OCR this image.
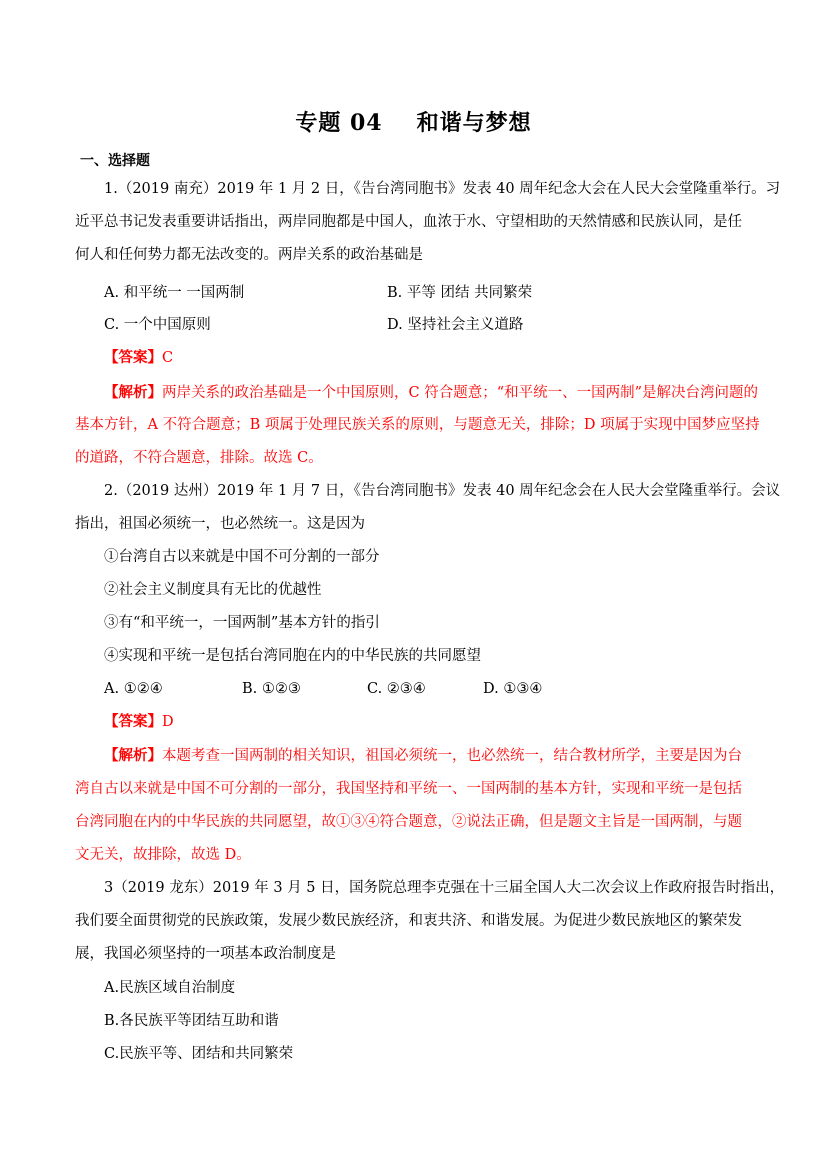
专题 04 和谐与梦想
一、选择题
1.（2019 南充）2019 年 1 月 2 日，《告台湾同胞书》发表 40 周年纪念大会在人民大会堂隆重举行。习
近平总书记发表重要讲话指出，两岸同胞都是中国人，血浓于水、守望相助的天然情感和民族认同，是任
何人和任何势力都无法改变的。两岸关系的政治基础是
A. 和平统一 一国两制	B. 平等 团结 共同繁荣
C. 一个中国原则	D. 坚持社会主义道路
【答案】C
【解析】两岸关系的政治基础是一个中国原则，C 符合题意；“和平统一、一国两制”是解决台湾问题的
基本方针，A 不符合题意；B 项属于处理民族关系的原则，与题意无关，排除；D 项属于实现中国梦应坚持
的道路，不符合题意，排除。故选 C。
2.（2019 达州）2019 年 1 月 7 日，《告台湾同胞书》发表 40 周年纪念会在人民大会堂隆重举行。会议
指出，祖国必须统一，也必然统一。这是因为
①台湾自古以来就是中国不可分割的一部分
②社会主义制度具有无比的优越性
③有“和平统一，一国两制”基本方针的指引
④实现和平统一是包括台湾同胞在内的中华民族的共同愿望
A. ①②④	B. ①②③	C. ②③④	D. ①③④
【答案】D
【解析】本题考查一国两制的相关知识，祖国必须统一，也必然统一，结合教材所学，主要是因为台
湾自古以来就是中国不可分割的一部分，我国坚持和平统一、一国两制的基本方针，实现和平统一是包括
台湾同胞在内的中华民族的共同愿望，故①③④符合题意，②说法正确，但是题文主旨是一国两制，与题
文无关，故排除，故选 D。
3（2019 龙东）2019 年 3 月 5 日，国务院总理李克强在十三届全国人大二次会议上作政府报告时指出，
我们要全面贯彻党的民族政策，发展少数民族经济，和衷共济、和谐发展。为促进少数民族地区的繁荣发
展，我国必须坚持的一项基本政治制度是
A.民族区域自治制度
B.各民族平等团结互助和谐
C.民族平等、团结和共同繁荣
